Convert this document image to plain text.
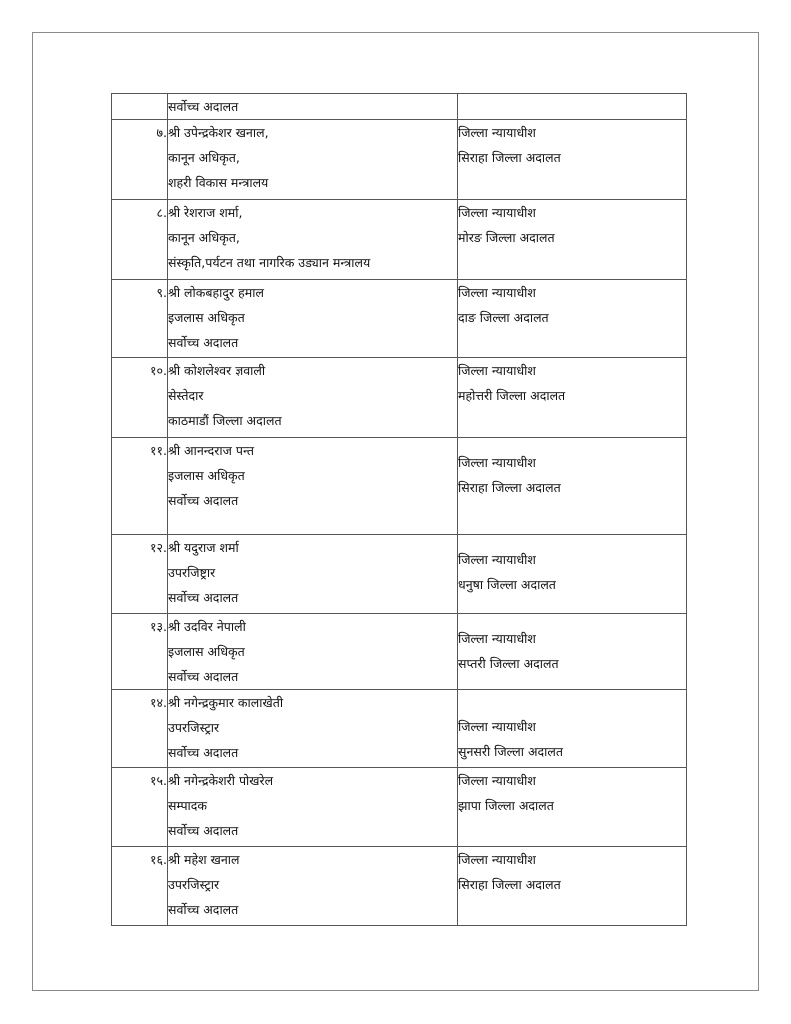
	सर्वोच्च अदालत	

७.	श्री उपेन्द्रकेशर खनाल,
कानून अधिकृत,
शहरी विकास मन्त्रालय	जिल्ला न्यायाधीश
सिराहा जिल्ला अदालत

८.	श्री रेशराज शर्मा,
कानून अधिकृत,
संस्कृति,पर्यटन तथा नागरिक उड्यान मन्त्रालय	जिल्ला न्यायाधीश
मोरङ जिल्ला अदालत

९.	श्री लोकबहादुर हमाल
इजलास अधिकृत
सर्वोच्च अदालत	जिल्ला न्यायाधीश
दाङ जिल्ला अदालत

१०.	श्री कोशलेश्वर ज्ञवाली
सेस्तेदार
काठमाडौं जिल्ला अदालत	जिल्ला न्यायाधीश
महोत्तरी जिल्ला अदालत

११.	श्री आनन्दराज पन्त
इजलास अधिकृत
सर्वोच्च अदालत	जिल्ला न्यायाधीश
सिराहा जिल्ला अदालत

१२.	श्री यदुराज शर्मा
उपरजिष्ट्रार
सर्वोच्च अदालत	जिल्ला न्यायाधीश
धनुषा जिल्ला अदालत

१३.	श्री उदविर नेपाली
इजलास अधिकृत
सर्वोच्च अदालत	जिल्ला न्यायाधीश
सप्तरी जिल्ला अदालत

१४.	श्री नगेन्द्रकुमार कालाखेती
उपरजिस्ट्रार
सर्वोच्च अदालत	जिल्ला न्यायाधीश
सुनसरी जिल्ला अदालत

१५.	श्री नगेन्द्रकेशरी पोखरेल
सम्पादक
सर्वोच्च अदालत	जिल्ला न्यायाधीश
झापा जिल्ला अदालत

१६.	श्री महेश खनाल
उपरजिस्ट्रार
सर्वोच्च अदालत	जिल्ला न्यायाधीश
सिराहा जिल्ला अदालत
